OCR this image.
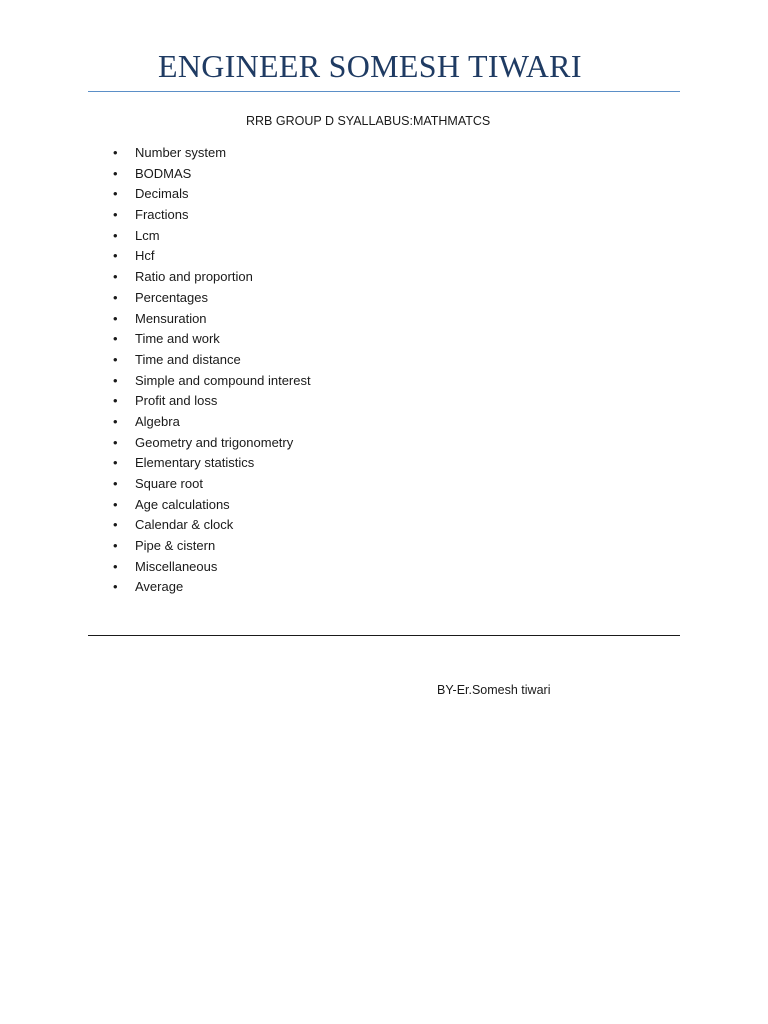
ENGINEER SOMESH TIWARI
RRB GROUP D SYALLABUS:MATHMATCS
• Number system
• BODMAS
• Decimals
• Fractions
• Lcm
• Hcf
• Ratio and proportion
• Percentages
• Mensuration
• Time and work
• Time and distance
• Simple and compound interest
• Profit and loss
• Algebra
• Geometry and trigonometry
• Elementary statistics
• Square root
• Age calculations
• Calendar & clock
• Pipe & cistern
• Miscellaneous
• Average
BY-Er.Somesh tiwari
